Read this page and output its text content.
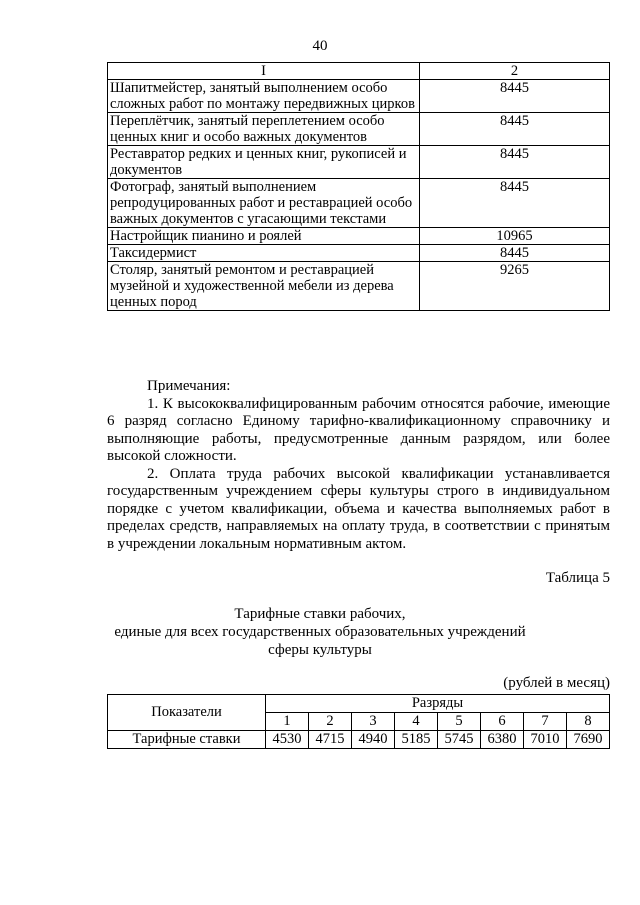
40
I	2
Шапитмейстер, занятый выполнением особо сложных работ по монтажу передвижных цирков	8445
Переплётчик, занятый переплетением особо ценных книг и особо важных документов	8445
Реставратор редких и ценных книг, рукописей и документов	8445
Фотограф, занятый выполнением репродуцированных работ и реставрацией особо важных документов с угасающими текстами	8445
Настройщик пианино и роялей	10965
Таксидермист	8445
Столяр, занятый ремонтом и реставрацией музейной и художественной мебели из дерева ценных пород	9265

Примечания:

1. К высококвалифицированным рабочим относятся рабочие, имеющие 6 разряд согласно Единому тарифно-квалификационному справочнику и выполняющие работы, предусмотренные данным разрядом, или более высокой сложности.

2. Оплата труда рабочих высокой квалификации устанавливается государственным учреждением сферы культуры строго в индивидуальном порядке с учетом квалификации, объема и качества выполняемых работ в пределах средств, направляемых на оплату труда, в соответствии с принятым в учреждении локальным нормативным актом.

Таблица 5
Тарифные ставки рабочих,
единые для всех государственных образовательных учреждений
сферы культуры
(рублей в месяц)
Показатели	Разряды							
	1	2	3	4	5	6	7	8
Тарифные ставки	4530	4715	4940	5185	5745	6380	7010	7690
